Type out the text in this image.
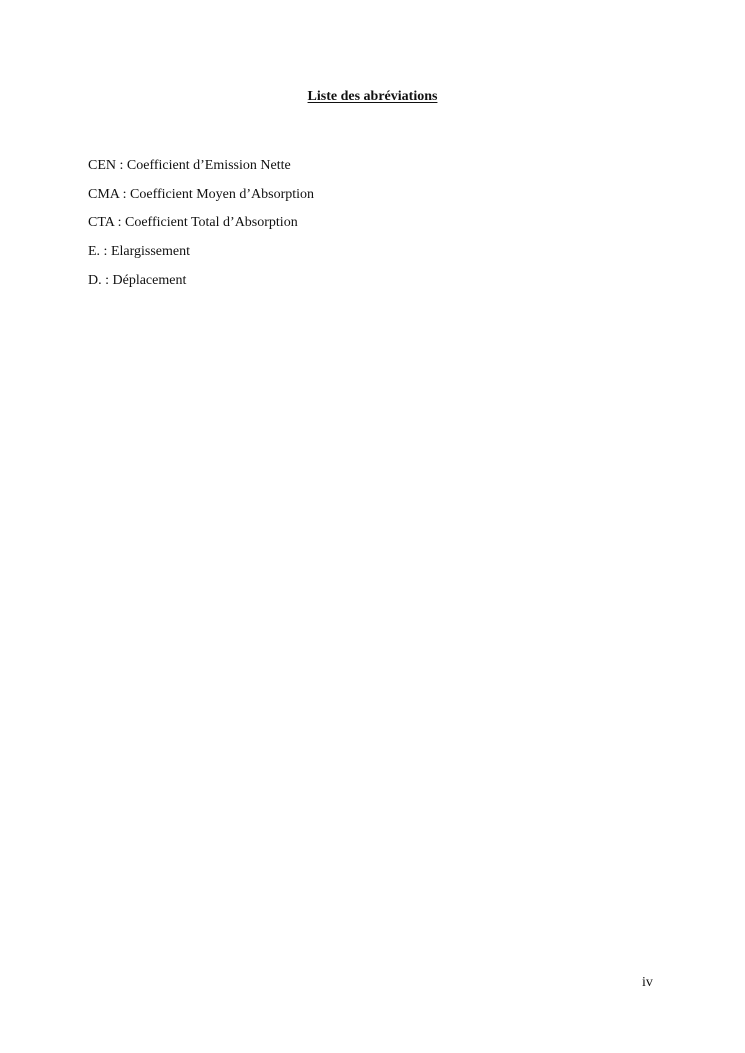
Liste des abréviations
CEN : Coefficient d’Emission Nette
CMA : Coefficient Moyen d’Absorption
CTA : Coefficient Total d’Absorption
E. : Elargissement
D. : Déplacement
iv
